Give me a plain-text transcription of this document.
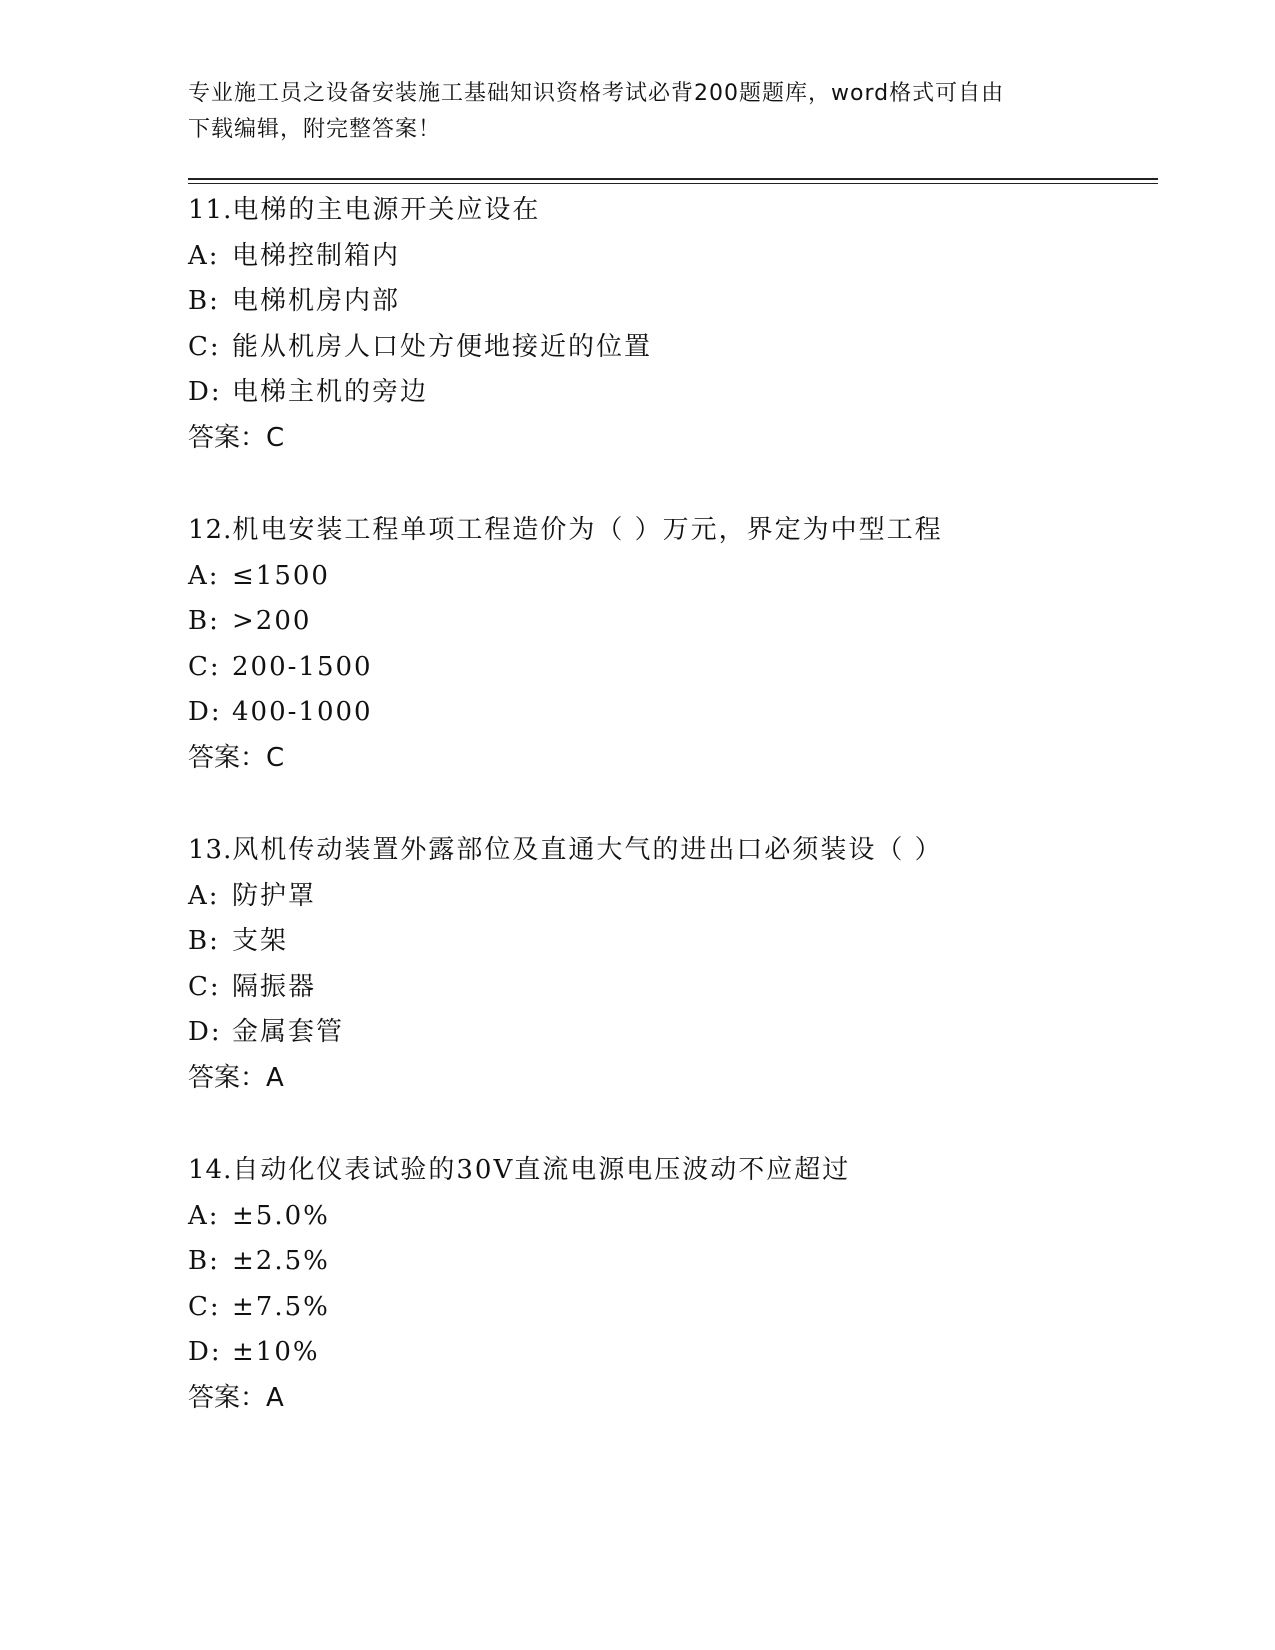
专业施工员之设备安装施工基础知识资格考试必背200题题库，word格式可自由
下载编辑，附完整答案！
11.电梯的主电源开关应设在
A: 电梯控制箱内
B: 电梯机房内部
C: 能从机房人口处方便地接近的位置
D: 电梯主机的旁边
答案：C
12.机电安装工程单项工程造价为（ ）万元，界定为中型工程
A: ≤1500
B: >200
C: 200-1500
D: 400-1000
答案：C
13.风机传动装置外露部位及直通大气的进出口必须装设（ ）
A: 防护罩
B: 支架
C: 隔振器
D: 金属套管
答案：A
14.自动化仪表试验的30V直流电源电压波动不应超过
A: ±5.0%
B: ±2.5%
C: ±7.5%
D: ±10%
答案：A
